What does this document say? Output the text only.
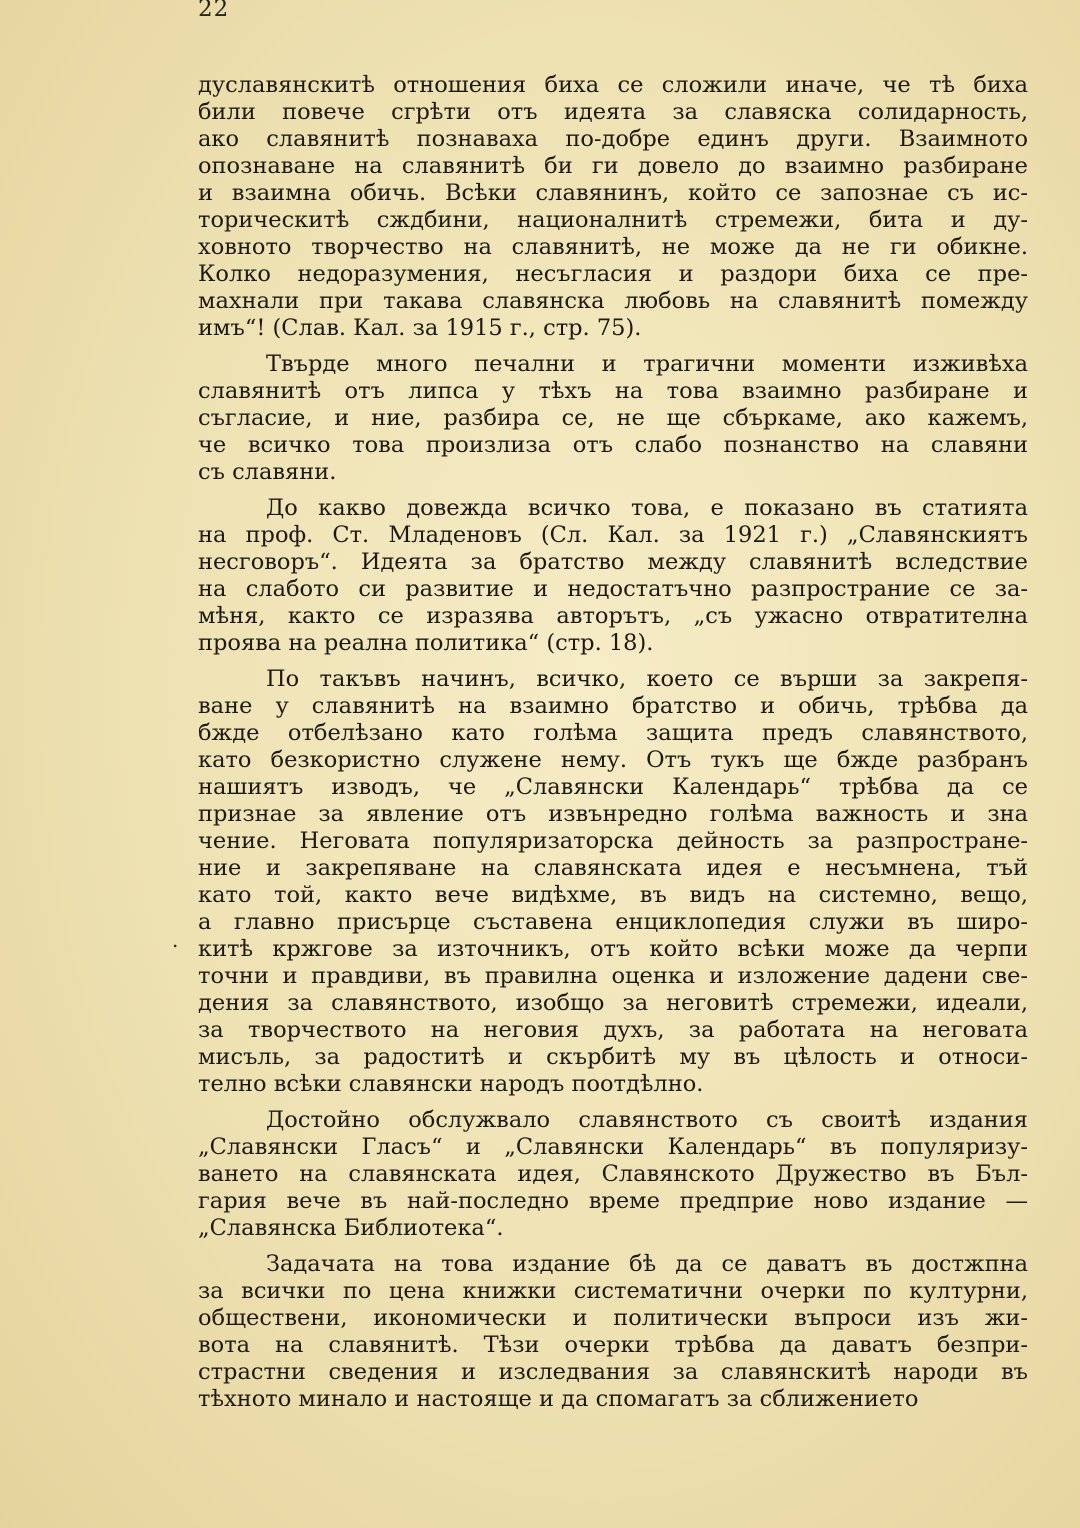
22
.
дуславянскитѣ отношения биха се сложили иначе, че тѣ биха
били повече сгрѣти отъ идеята за славяска солидарность,
ако славянитѣ познаваха по-добре единъ други. Взаимното
опознаване на славянитѣ би ги довело до взаимно разбиране
и взаимна обичь. Всѣки славянинъ, който се запознае съ ис-
торическитѣ сждбини, националнитѣ стремежи, бита и ду-
ховното творчество на славянитѣ, не може да не ги обикне.
Колко недоразумения, несъгласия и раздори биха се пре-
махнали при такава славянска любовь на славянитѣ помежду
имъ“! (Слав. Кал. за 1915 г., стр. 75).
Твърде много печални и трагични моменти изживѣха
славянитѣ отъ липса у тѣхъ на това взаимно разбиране и
съгласие, и ние, разбира се, не ще сбъркаме, ако кажемъ,
че всичко това произлиза отъ слабо познанство на славяни
съ славяни.
До какво довежда всичко това, е показано въ статията
на проф. Ст. Младеновъ (Сл. Кал. за 1921 г.) „Славянскиятъ
несговоръ“. Идеята за братство между славянитѣ вследствие
на слабото си развитие и недостатъчно разпространие се за-
мѣня, както се изразява авторътъ, „съ ужасно отвратителна
проява на реална политика“ (стр. 18).
По такъвъ начинъ, всичко, което се върши за закрепя-
ване у славянитѣ на взаимно братство и обичь, трѣбва да
бжде отбелѣзано като голѣма защита предъ славянството,
като безкористно служене нему. Отъ тукъ ще бжде разбранъ
нашиятъ изводъ, че „Славянски Календарь“ трѣбва да се
признае за явление отъ извънредно голѣма важность и зна
чение. Неговата популяризаторска дейность за разпростране-
ние и закрепяване на славянската идея е несъмнена, тъй
като той, както вече видѣхме, въ видъ на системно, вещо,
а главно присърце съставена енциклопедия служи въ широ-
китѣ кржгове за източникъ, отъ който всѣки може да черпи
точни и правдиви, въ правилна оценка и изложение дадени све-
дения за славянството, изобщо за неговитѣ стремежи, идеали,
за творчеството на неговия духъ, за работата на неговата
мисъль, за радоститѣ и скърбитѣ му въ цѣлость и относи-
телно всѣки славянски народъ поотдѣлно.
Достойно обслужвало славянството съ своитѣ издания
„Славянски Гласъ“ и „Славянски Календарь“ въ популяризу-
ването на славянската идея, Славянското Дружество въ Бъл-
гария вече въ най-последно време предприе ново издание —
„Славянска Библиотека“.
Задачата на това издание бѣ да се даватъ въ достжпна
за всички по цена книжки систематични очерки по културни,
обществени, икономически и политически въпроси изъ жи-
вота на славянитѣ. Тѣзи очерки трѣбва да даватъ безпри-
страстни сведения и изследвания за славянскитѣ народи въ
тѣхното минало и настояще и да спомагатъ за сближението
